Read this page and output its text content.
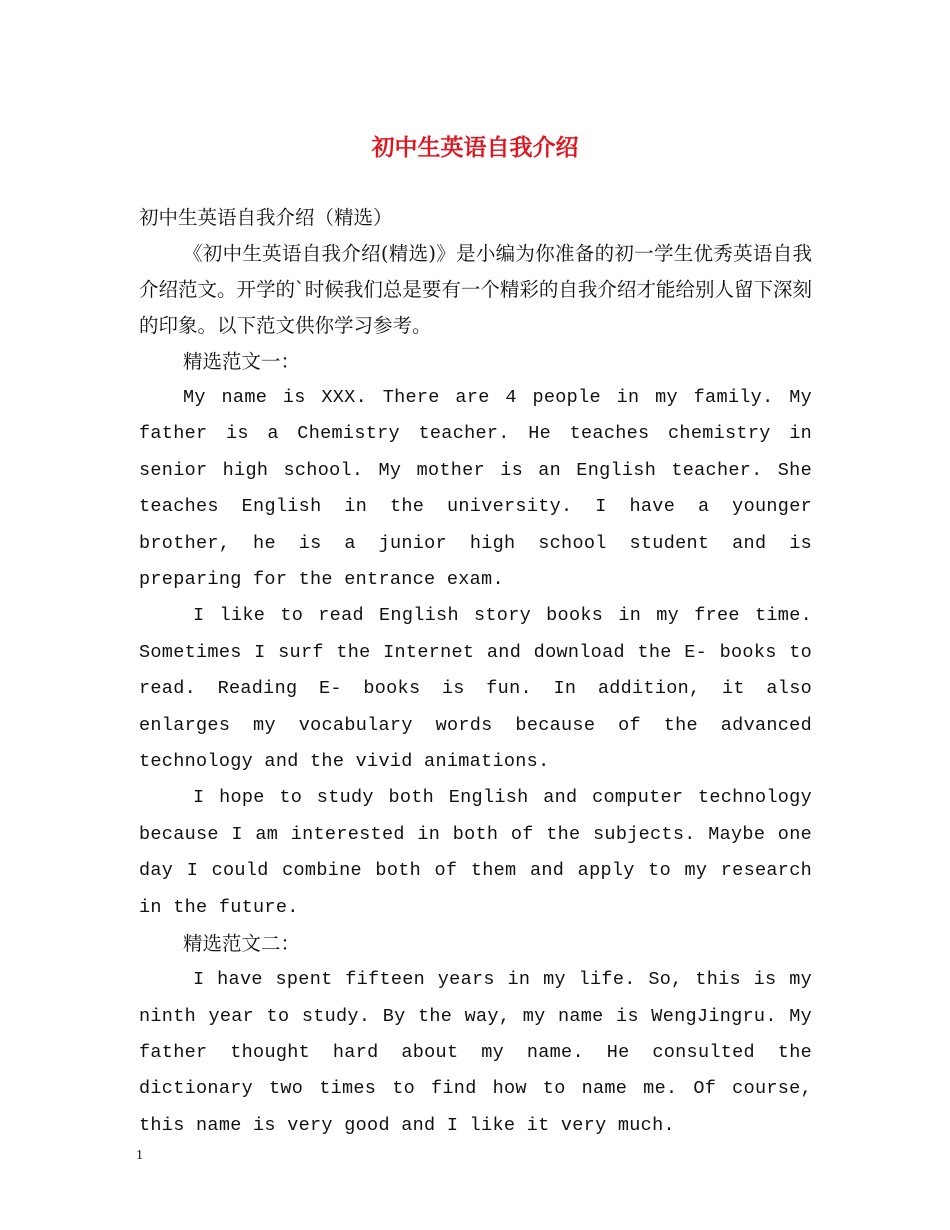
初中生英语自我介绍

初中生英语自我介绍（精选）

《初中生英语自我介绍(精选)》是小编为你准备的初一学生优秀英语自我介绍范文。开学的`时候我们总是要有一个精彩的自我介绍才能给别人留下深刻的印象。以下范文供你学习参考。

精选范文一：

My name is XXX. There are 4 people in my family. My father is a Chemistry teacher. He teaches chemistry in senior high school. My mother is an English teacher. She teaches English in the university. I have a younger brother, he is a junior high school student and is preparing for the entrance exam.

I like to read English story books in my free time. Sometimes I surf the Internet and download the E- books to read. Reading E- books is fun. In addition, it also enlarges my vocabulary words because of the advanced technology and the vivid animations.

I hope to study both English and computer technology because I am interested in both of the subjects. Maybe one day I could combine both of them and apply to my research in the future.

精选范文二：

I have spent fifteen years in my life. So, this is my ninth year to study. By the way, my name is WengJingru. My father thought hard about my name. He consulted the dictionary two times to find how to name me. Of course, this name is very good and I like it very much.

1
